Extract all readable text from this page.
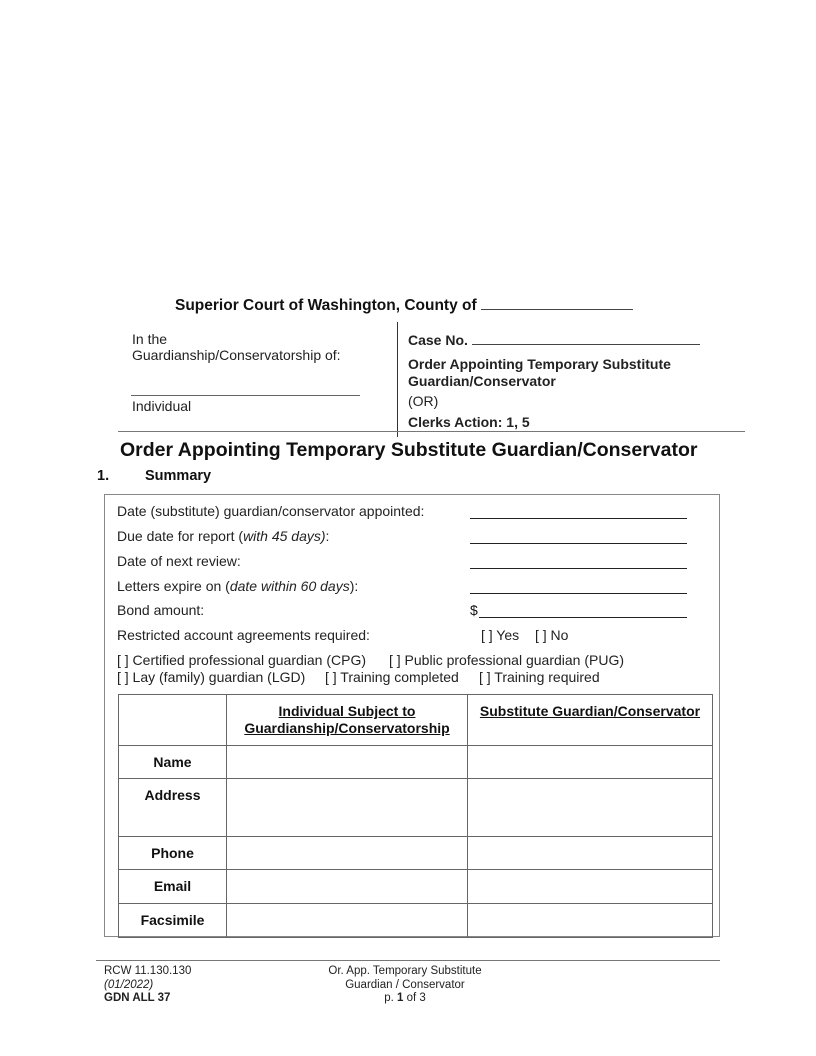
Superior Court of Washington, County of
In the
Guardianship/Conservatorship of:
Individual
Case No.
Order Appointing Temporary Substitute
Guardian/Conservator
(OR)
Clerks Action: 1, 5
Order Appointing Temporary Substitute Guardian/Conservator
1. Summary
Date (substitute) guardian/conservator appointed:
Due date for report (with 45 days):
Date of next review:
Letters expire on (date within 60 days):
Bond amount:	$
Restricted account agreements required:	[ ] Yes [ ] No
[ ] Certified professional guardian (CPG) [ ] Public professional guardian (PUG)
[ ] Lay (family) guardian (LGD) [ ] Training completed [ ] Training required
	Individual Subject to
Guardianship/Conservatorship	Substitute Guardian/Conservator
Name		
Address		
Phone		
Email		
Facsimile		
RCW 11.130.130
(01/2022)
GDN ALL 37
Or. App. Temporary Substitute
Guardian / Conservator
p. 1 of 3
